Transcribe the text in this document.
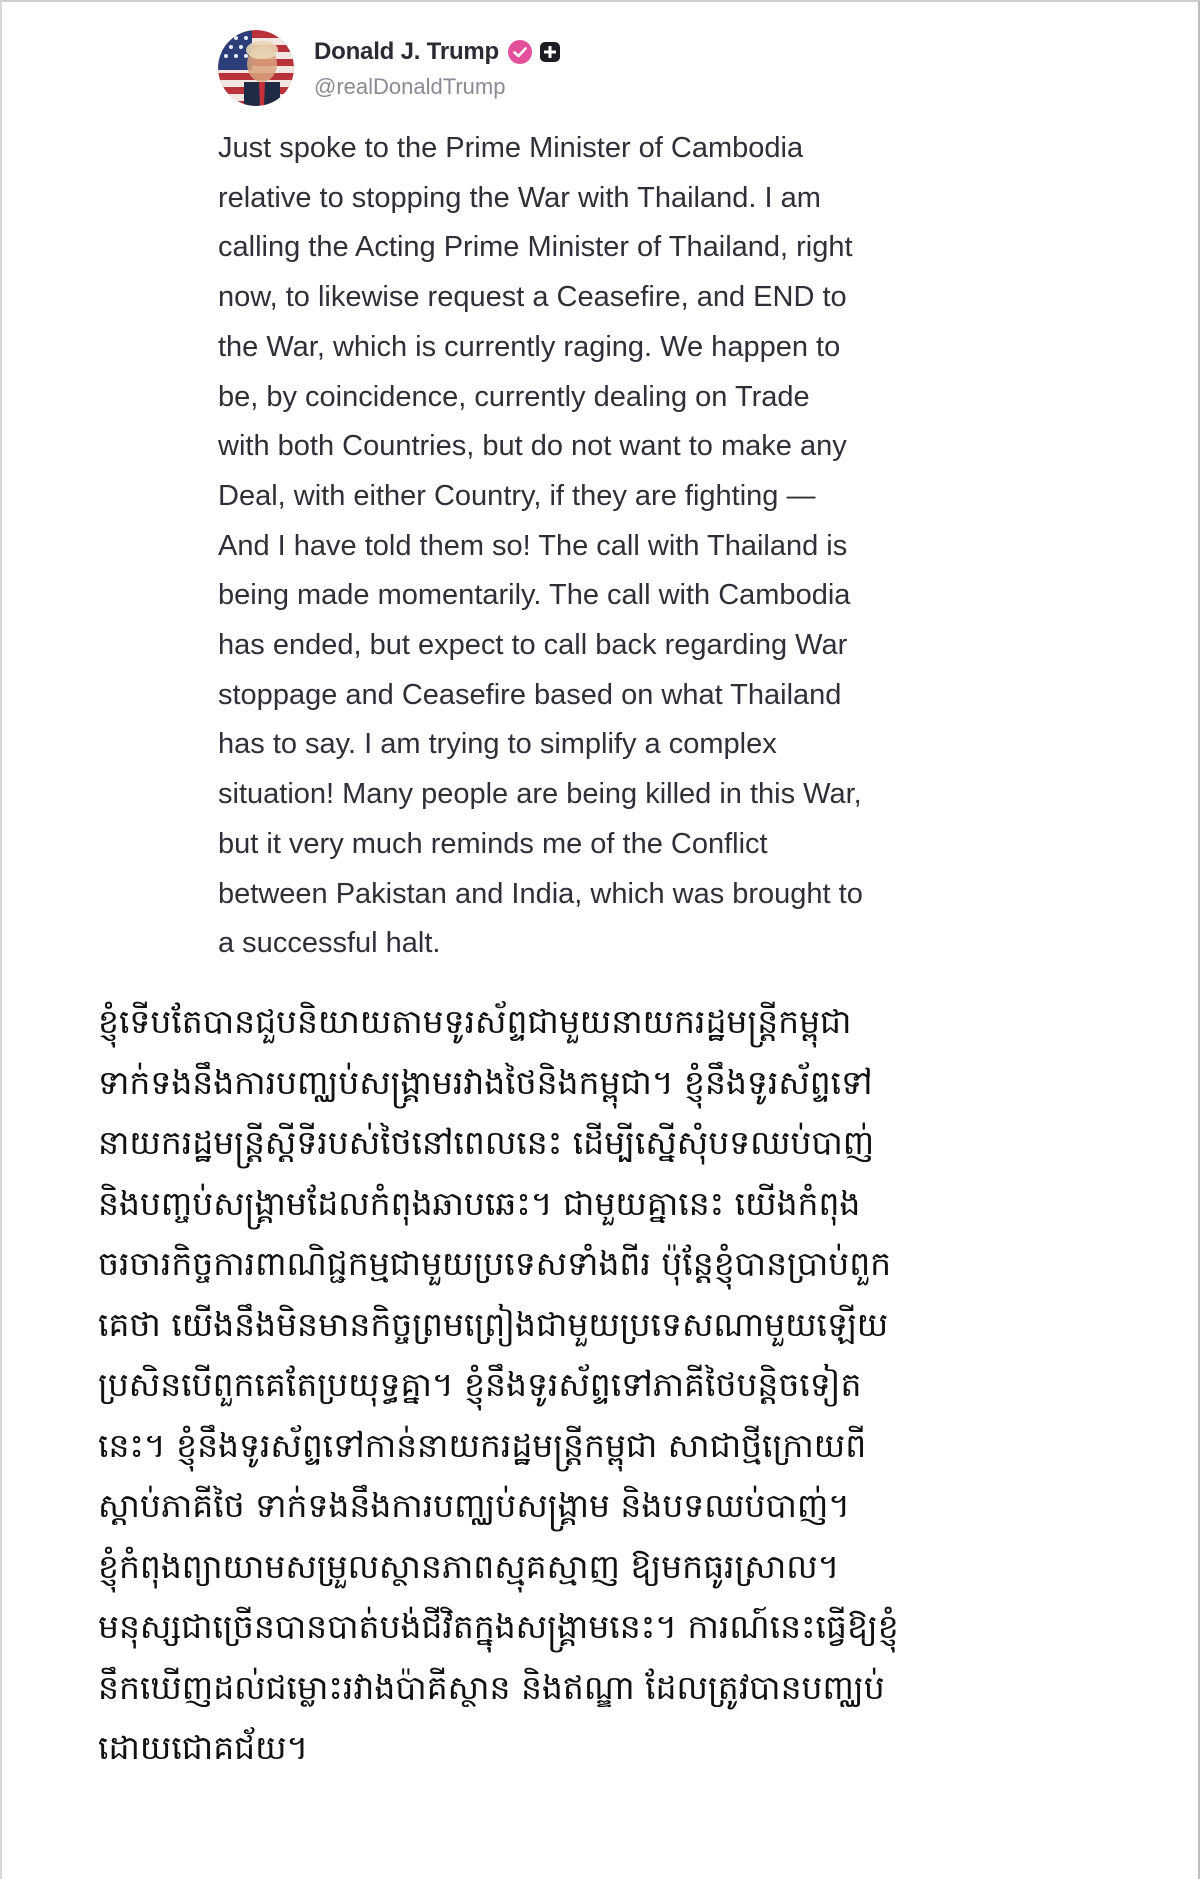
Donald J. Trump
@realDonaldTrump
Just spoke to the Prime Minister of Cambodia
relative to stopping the War with Thailand. I am
calling the Acting Prime Minister of Thailand, right
now, to likewise request a Ceasefire, and END to
the War, which is currently raging. We happen to
be, by coincidence, currently dealing on Trade
with both Countries, but do not want to make any
Deal, with either Country, if they are fighting —
And I have told them so! The call with Thailand is
being made momentarily. The call with Cambodia
has ended, but expect to call back regarding War
stoppage and Ceasefire based on what Thailand
has to say. I am trying to simplify a complex
situation! Many people are being killed in this War,
but it very much reminds me of the Conflict
between Pakistan and India, which was brought to
a successful halt.
ខ្ញុំទើបតែបានជួបនិយាយតាមទូរស័ព្ទជាមួយនាយករដ្ឋមន្ត្រីកម្ពុជា
ទាក់ទងនឹងការបញ្ឈប់សង្គ្រាមរវាងថៃនិងកម្ពុជា។ ខ្ញុំនឹងទូរស័ព្ទទៅ
នាយករដ្ឋមន្ត្រីស្តីទីរបស់ថៃនៅពេលនេះ ដើម្បីស្នើសុំបទឈប់បាញ់
និងបញ្ចប់សង្គ្រាមដែលកំពុងឆាបឆេះ។ ជាមួយគ្នានេះ យើងកំពុង
ចរចារកិច្ចការពាណិជ្ជកម្មជាមួយប្រទេសទាំងពីរ ប៉ុន្តែខ្ញុំបានប្រាប់ពួក
គេថា យើងនឹងមិនមានកិច្ចព្រមព្រៀងជាមួយប្រទេសណាមួយឡើយ
ប្រសិនបើពួកគេតែប្រយុទ្ធគ្នា។ ខ្ញុំនឹងទូរស័ព្ទទៅភាគីថៃបន្តិចទៀត
នេះ។ ខ្ញុំនឹងទូរស័ព្ទទៅកាន់នាយករដ្ឋមន្ត្រីកម្ពុជា សាជាថ្មីក្រោយពី
ស្តាប់ភាគីថៃ ទាក់ទងនឹងការបញ្ឈប់សង្គ្រាម និងបទឈប់បាញ់។
ខ្ញុំកំពុងព្យាយាមសម្រួលស្ថានភាពស្មុគស្មាញ ឱ្យមកធូរស្រាល។
មនុស្សជាច្រើនបានបាត់បង់ជីវិតក្នុងសង្គ្រាមនេះ។ ការណ៍នេះធ្វើឱ្យខ្ញុំ
នឹកឃើញដល់ជម្លោះរវាងប៉ាគីស្ថាន និងឥណ្ឌា ដែលត្រូវបានបញ្ឈប់
ដោយជោគជ័យ។
